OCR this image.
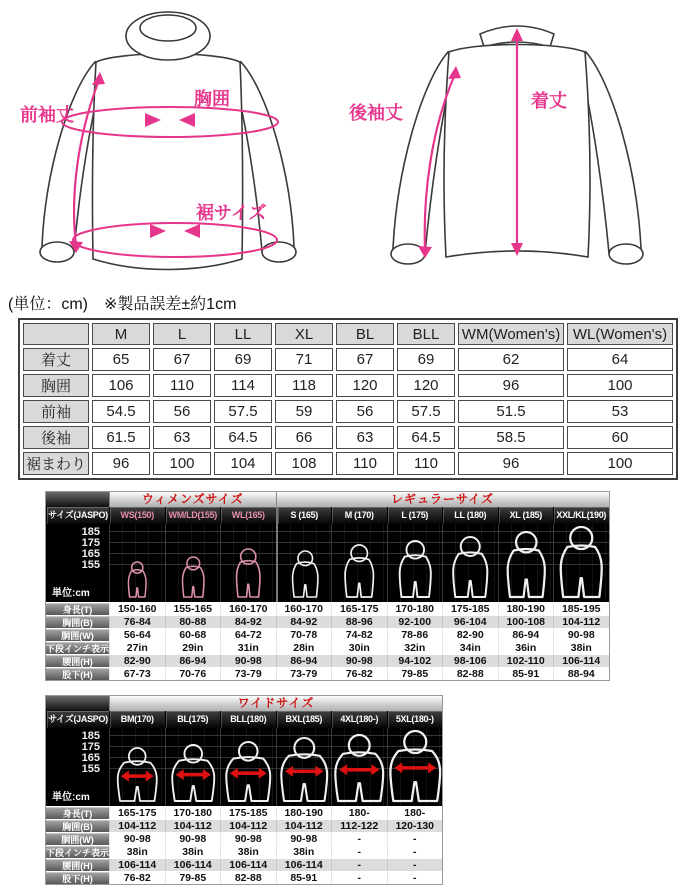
前袖丈
胸囲
裾サイズ
後袖丈
着丈
(単位：cm)　※製品誤差±約1cm
	M	L	LL	XL	BL	BLL	WM(Women's)	WL(Women's)
着丈	65	67	69	71	67	69	62	64
胸囲	106	110	114	118	120	120	96	100
前袖	54.5	56	57.5	59	56	57.5	51.5	53
後袖	61.5	63	64.5	66	63	64.5	58.5	60
裾まわり	96	100	104	108	110	110	96	100
ウィメンズサイズ	レギュラーサイズ
サイズ(JASPO)	WS(150)	WM/LD(155)	WL(165)	S (165)	M (170)	L (175)	LL (180)	XL (185)	XXL/KL(190)
185
175
165
155
単位:cm
身長(T)	150-160	155-165	160-170	160-170	165-175	170-180	175-185	180-190	185-195
胸囲(B)	76-84	80-88	84-92	84-92	88-96	92-100	96-104	100-108	104-112
胴囲(W)	56-64	60-68	64-72	70-78	74-82	78-86	82-90	86-94	90-98
下段インチ表示	27in	29in	31in	28in	30in	32in	34in	36in	38in
腰囲(H)	82-90	86-94	90-98	86-94	90-98	94-102	98-106	102-110	106-114
股下(H)	67-73	70-76	73-79	73-79	76-82	79-85	82-88	85-91	88-94
ワイドサイズ
サイズ(JASPO)	BM(170)	BL(175)	BLL(180)	BXL(185)	4XL(180-)	5XL(180-)
185
175
165
155
単位:cm
身長(T)	165-175	170-180	175-185	180-190	180-	180-
胸囲(B)	104-112	104-112	104-112	104-112	112-122	120-130
胴囲(W)	90-98	90-98	90-98	90-98	-	-
下段インチ表示	38in	38in	38in	38in	-	-
腰囲(H)	106-114	106-114	106-114	106-114	-	-
股下(H)	76-82	79-85	82-88	85-91	-	-
